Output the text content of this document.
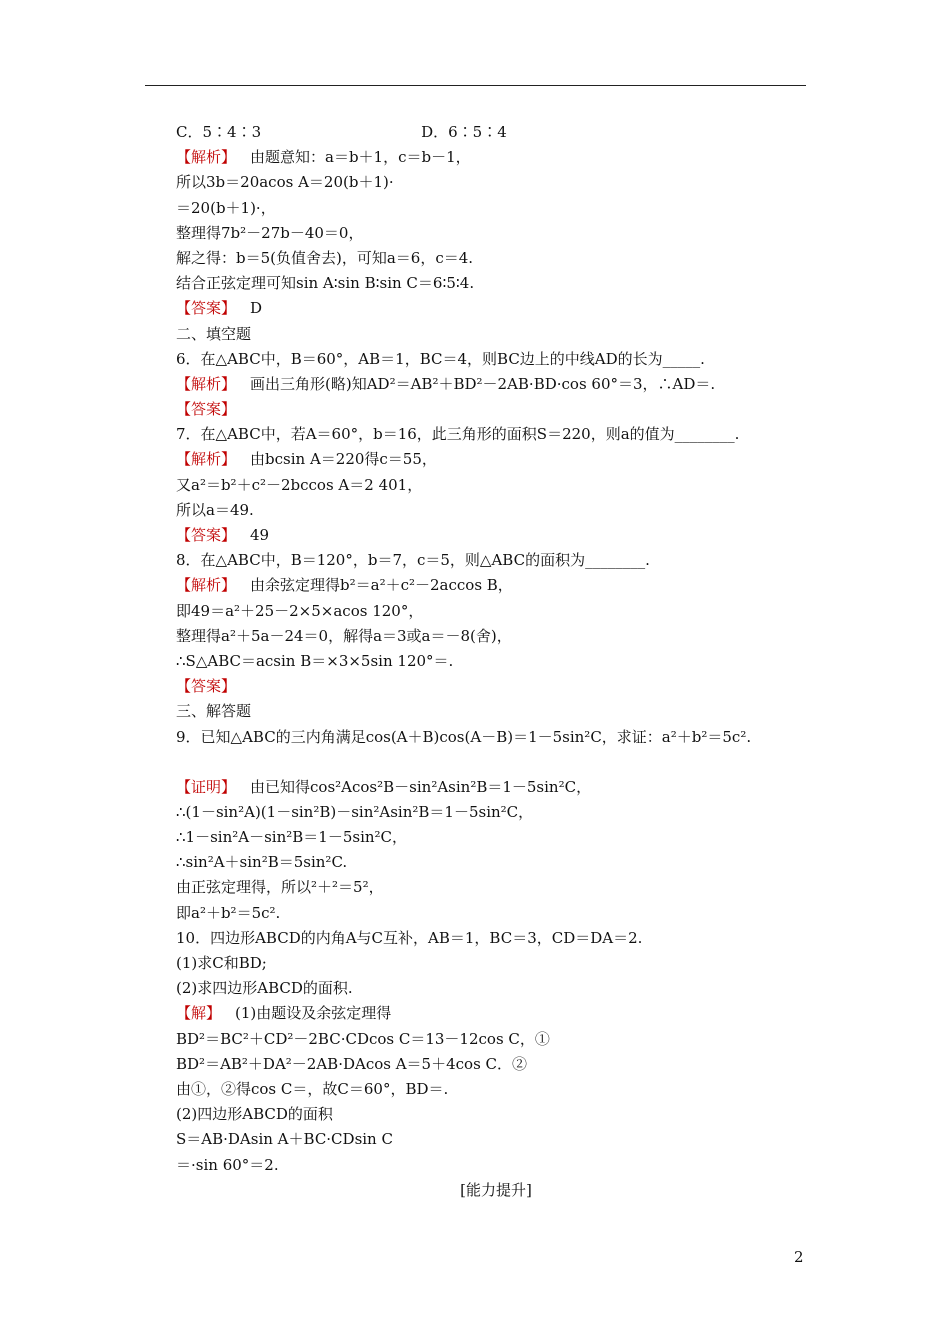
C．5∶4∶3	D．6∶5∶4
【解析】 由题意知：a＝b＋1，c＝b－1，
所以3b＝20acos A＝20(b＋1)·
＝20(b＋1)·，
整理得7b²－27b－40＝0，
解之得：b＝5(负值舍去)，可知a＝6，c＝4.
结合正弦定理可知sin A∶sin B∶sin C＝6∶5∶4.
【答案】 D
二、填空题
6．在△ABC中，B＝60°，AB＝1，BC＝4，则BC边上的中线AD的长为_____.
【解析】 画出三角形(略)知AD²＝AB²＋BD²－2AB·BD·cos 60°＝3，∴AD＝.
【答案】
7．在△ABC中，若A＝60°，b＝16，此三角形的面积S＝220，则a的值为________.
【解析】 由bcsin A＝220得c＝55，
又a²＝b²＋c²－2bccos A＝2 401，
所以a＝49.
【答案】 49
8．在△ABC中，B＝120°，b＝7，c＝5，则△ABC的面积为________.
【解析】 由余弦定理得b²＝a²＋c²－2accos B，
即49＝a²＋25－2×5×acos 120°，
整理得a²＋5a－24＝0，解得a＝3或a＝－8(舍)，
∴S△ABC＝acsin B＝×3×5sin 120°＝.
【答案】
三、解答题
9．已知△ABC的三内角满足cos(A＋B)cos(A－B)＝1－5sin²C，求证：a²＋b²＝5c².
【证明】 由已知得cos²Acos²B－sin²Asin²B＝1－5sin²C，
∴(1－sin²A)(1－sin²B)－sin²Asin²B＝1－5sin²C，
∴1－sin²A－sin²B＝1－5sin²C，
∴sin²A＋sin²B＝5sin²C.
由正弦定理得，所以²＋²＝5²，
即a²＋b²＝5c².
10．四边形ABCD的内角A与C互补，AB＝1，BC＝3，CD＝DA＝2.
(1)求C和BD;
(2)求四边形ABCD的面积.
【解】 (1)由题设及余弦定理得
BD²＝BC²＋CD²－2BC·CDcos C＝13－12cos C，①
BD²＝AB²＋DA²－2AB·DAcos A＝5＋4cos C．②
由①，②得cos C＝，故C＝60°，BD＝.
(2)四边形ABCD的面积
S＝AB·DAsin A＋BC·CDsin C
＝·sin 60°＝2.
[能力提升]
2
